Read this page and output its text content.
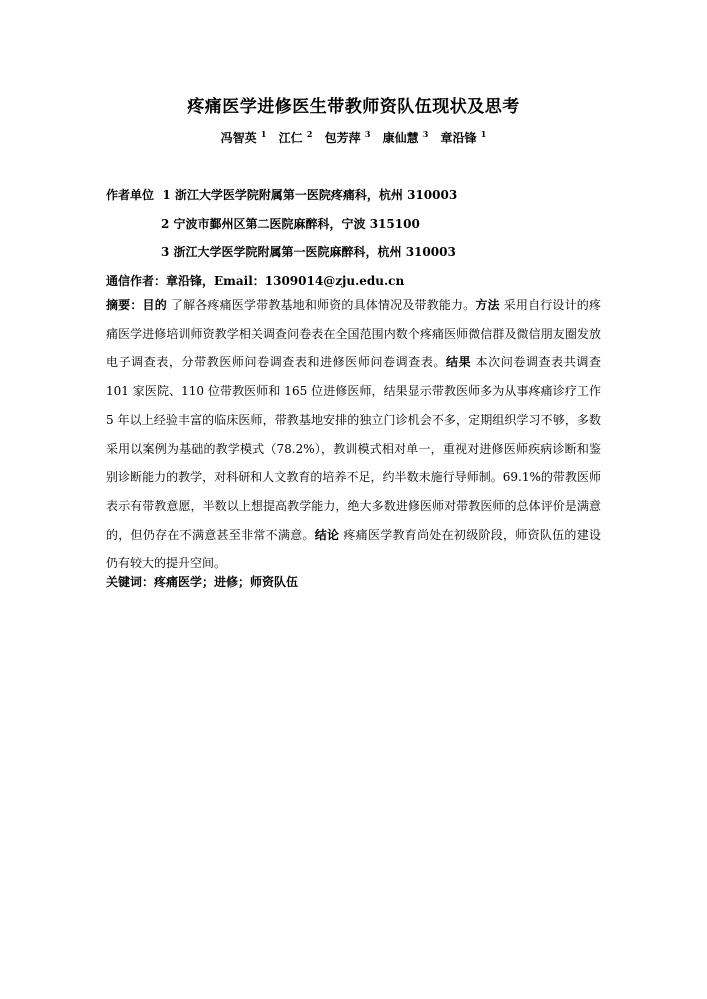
疼痛医学进修医生带教师资队伍现状及思考
冯智英 $^1$ 江仁 $^2$ 包芳萍 $^3$ 康仙慧 $^3$ 章沿锋 $^1$
作者单位 1 浙江大学医学院附属第一医院疼痛科，杭州 310003
2 宁波市鄞州区第二医院麻醉科，宁波 315100
3 浙江大学医学院附属第一医院麻醉科，杭州 310003
通信作者：章沿锋，Email：1309014@zju.edu.cn
摘要：目的 了解各疼痛医学带教基地和师资的具体情况及带教能力。方法 采用自行设计的疼痛医学进修培训师资教学相关调查问卷表在全国范围内数个疼痛医师微信群及微信朋友圈发放电子调查表，分带教医师问卷调查表和进修医师问卷调查表。结果 本次问卷调查表共调查 101 家医院、110 位带教医师和 165 位进修医师，结果显示带教医师多为从事疼痛诊疗工作 5 年以上经验丰富的临床医师，带教基地安排的独立门诊机会不多，定期组织学习不够，多数采用以案例为基础的教学模式（78.2%），教训模式相对单一，重视对进修医师疾病诊断和鉴别诊断能力的教学，对科研和人文教育的培养不足，约半数未施行导师制。69.1%的带教医师表示有带教意愿，半数以上想提高教学能力，绝大多数进修医师对带教医师的总体评价是满意的，但仍存在不满意甚至非常不满意。结论 疼痛医学教育尚处在初级阶段，师资队伍的建设仍有较大的提升空间。
关键词：疼痛医学；进修；师资队伍
